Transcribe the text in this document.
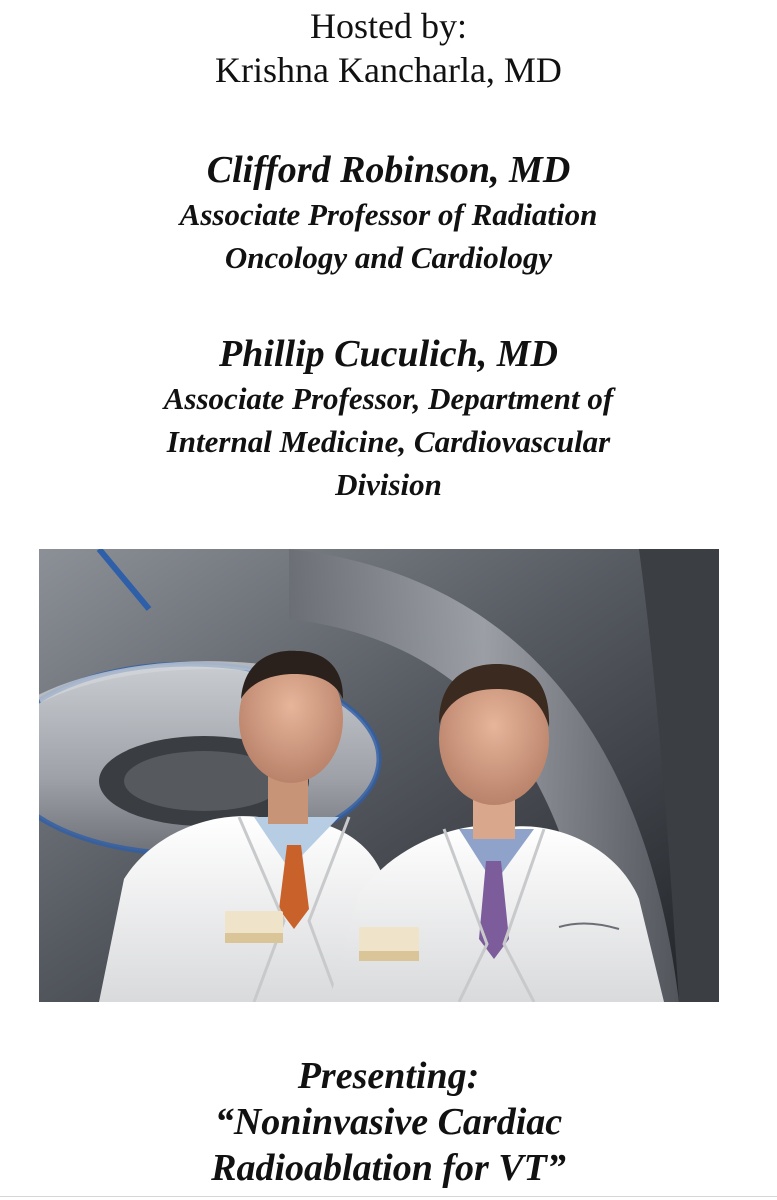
Hosted by:
Krishna Kancharla, MD
Clifford Robinson, MD
Associate Professor of Radiation
Oncology and Cardiology
Phillip Cuculich, MD
Associate Professor, Department of
Internal Medicine, Cardiovascular
Division
Presenting:
“Noninvasive Cardiac
Radioablation for VT”
